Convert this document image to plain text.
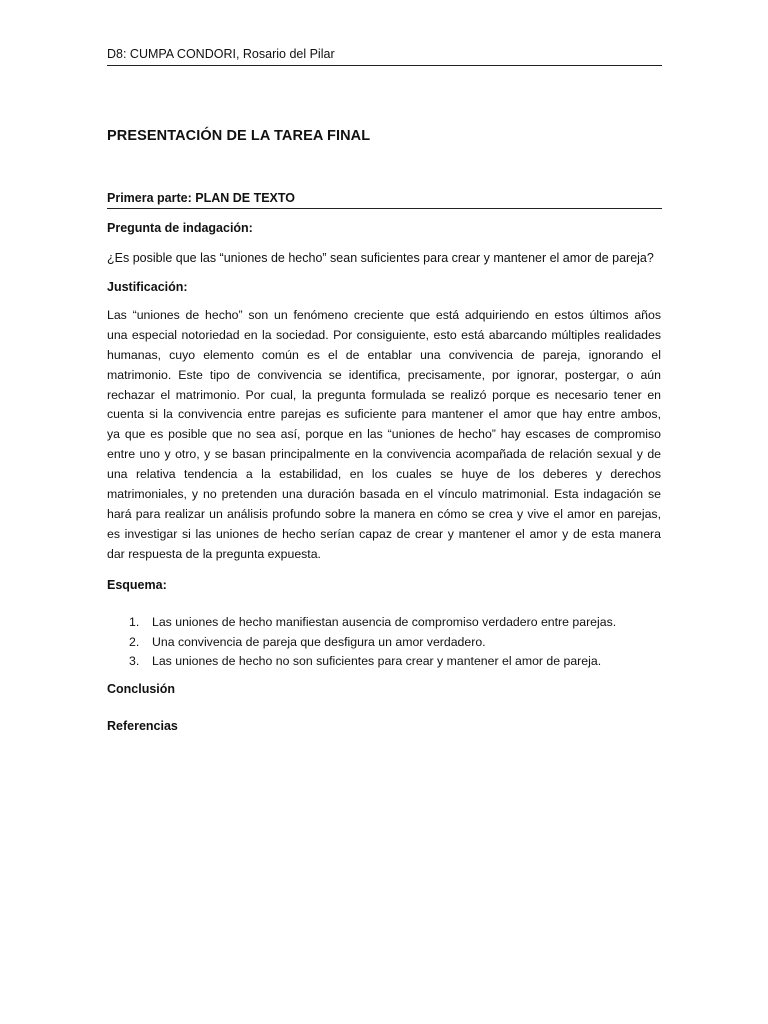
D8: CUMPA CONDORI, Rosario del Pilar
PRESENTACIÓN DE LA TAREA FINAL
Primera parte: PLAN DE TEXTO
Pregunta de indagación:
¿Es posible que las “uniones de hecho” sean suficientes para crear y mantener el amor de pareja?
Justificación:
Las “uniones de hecho” son un fenómeno creciente que está adquiriendo en estos últimos años
una especial notoriedad en la sociedad. Por consiguiente, esto está abarcando múltiples realidades
humanas, cuyo elemento común es el de entablar una convivencia de pareja, ignorando el
matrimonio. Este tipo de convivencia se identifica, precisamente, por ignorar, postergar, o aún
rechazar el matrimonio. Por cual, la pregunta formulada se realizó porque es necesario tener en
cuenta si la convivencia entre parejas es suficiente para mantener el amor que hay entre ambos,
ya que es posible que no sea así, porque en las “uniones de hecho” hay escases de compromiso
entre uno y otro, y se basan principalmente en la convivencia acompañada de relación sexual y de
una relativa tendencia a la estabilidad, en los cuales se huye de los deberes y derechos
matrimoniales, y no pretenden una duración basada en el vínculo matrimonial. Esta indagación se
hará para realizar un análisis profundo sobre la manera en cómo se crea y vive el amor en parejas,
es investigar si las uniones de hecho serían capaz de crear y mantener el amor y de esta manera
dar respuesta de la pregunta expuesta.
Esquema:
1. Las uniones de hecho manifiestan ausencia de compromiso verdadero entre parejas.
2. Una convivencia de pareja que desfigura un amor verdadero.
3. Las uniones de hecho no son suficientes para crear y mantener el amor de pareja.
Conclusión
Referencias
